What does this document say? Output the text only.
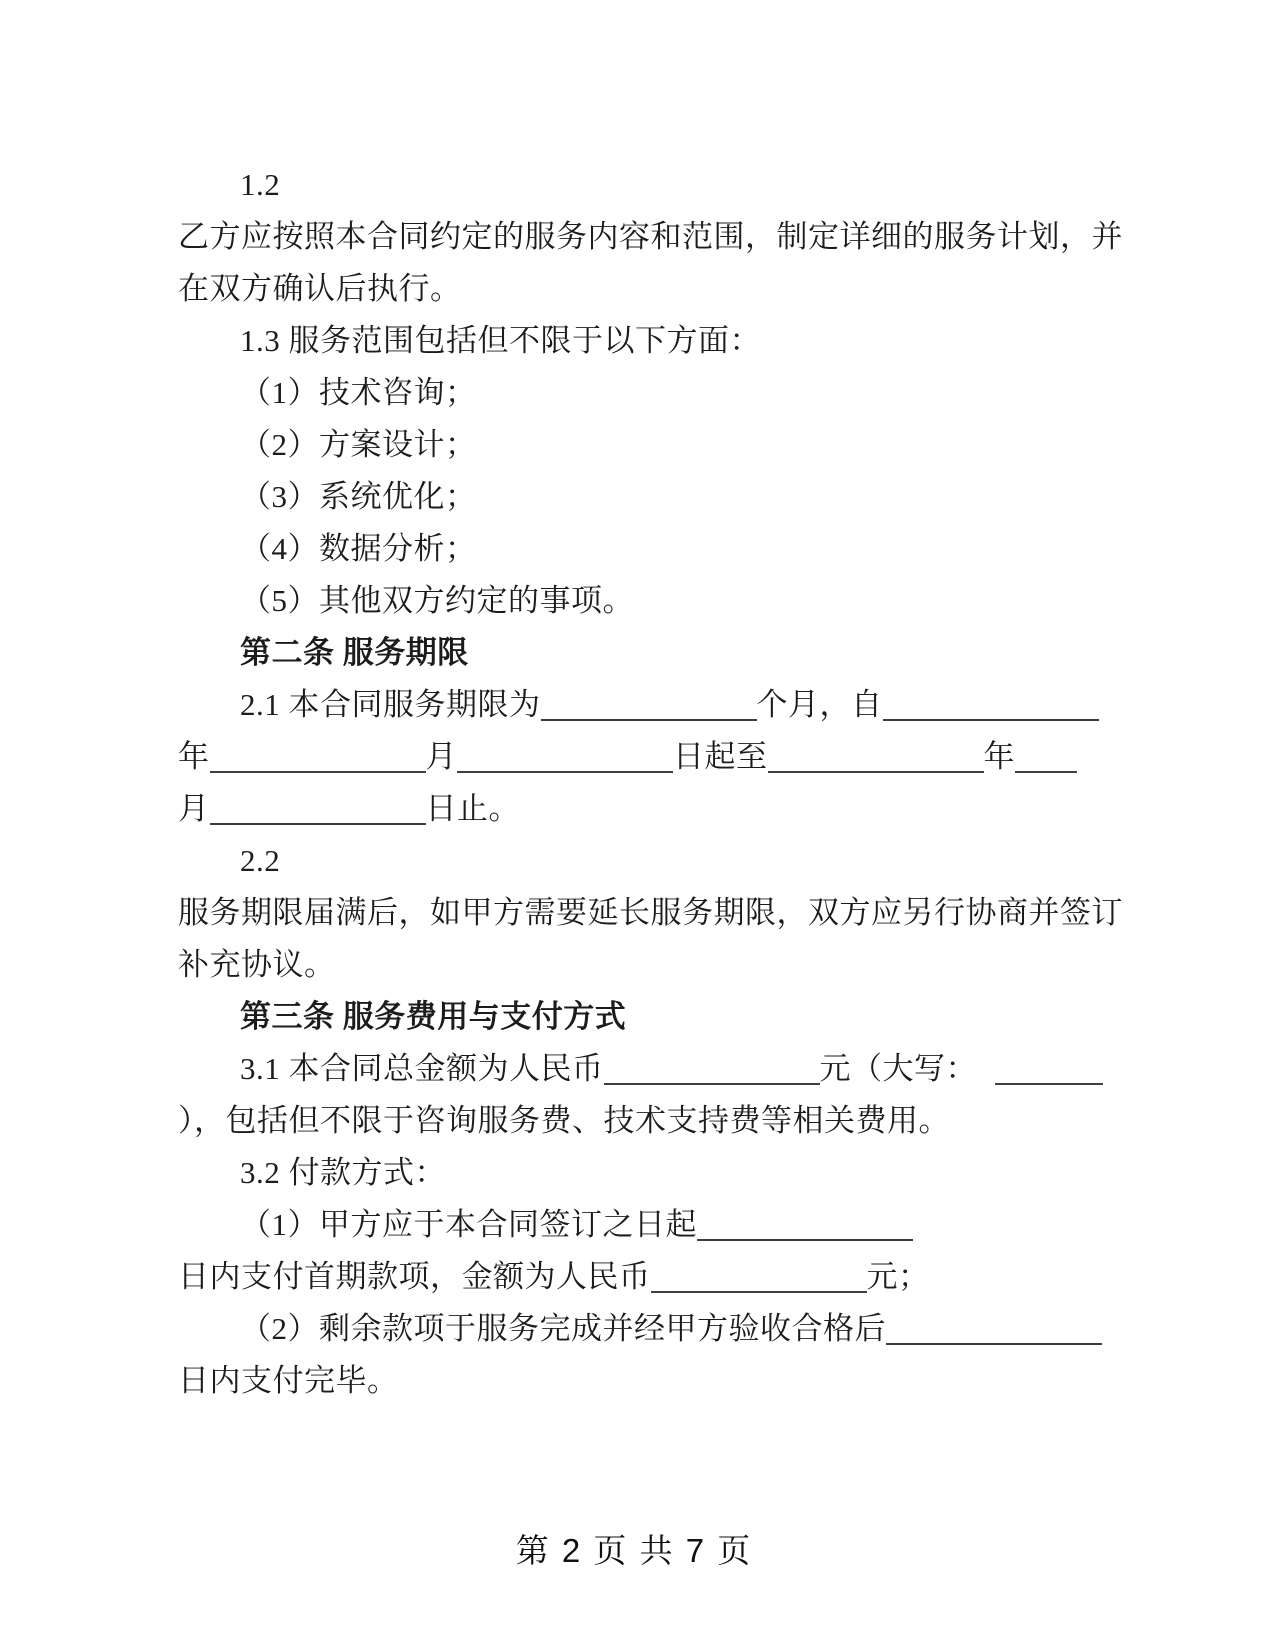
1.2
乙方应按照本合同约定的服务内容和范围，制定详细的服务计划，并
在双方确认后执行。
1.3 服务范围包括但不限于以下方面：
（1）技术咨询；
（2）方案设计；
（3）系统优化；
（4）数据分析；
（5）其他双方约定的事项。
第二条 服务期限
2.1 本合同服务期限为	个月，自
年	月	日起至	年
月	日止。
2.2
服务期限届满后，如甲方需要延长服务期限，双方应另行协商并签订
补充协议。
第三条 服务费用与支付方式
3.1 本合同总金额为人民币	元（大写：
），包括但不限于咨询服务费、技术支持费等相关费用。
3.2 付款方式：
（1）甲方应于本合同签订之日起
日内支付首期款项，金额为人民币	元；
（2）剩余款项于服务完成并经甲方验收合格后
日内支付完毕。
第 2 页 共 7 页
